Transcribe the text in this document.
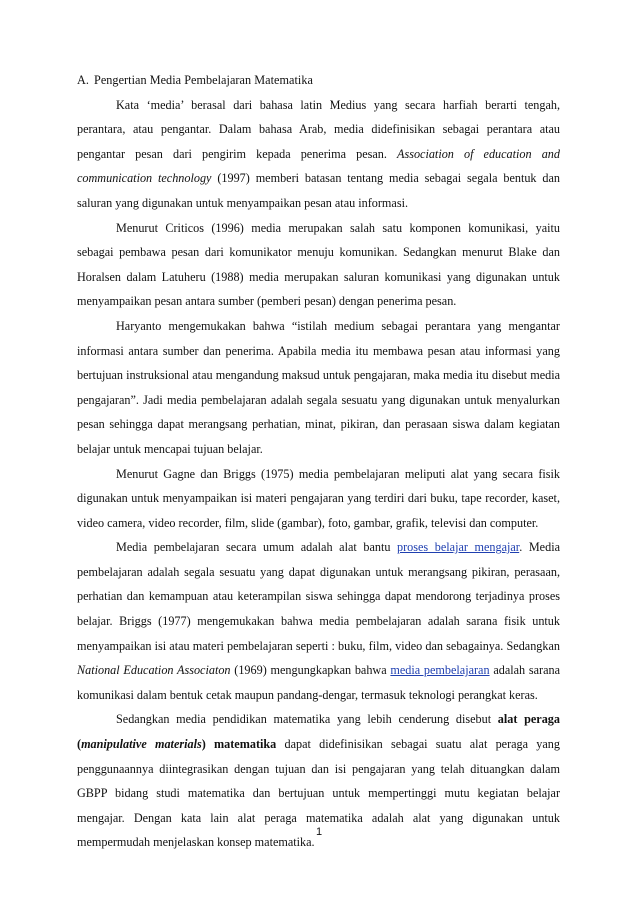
A. Pengertian Media Pembelajaran Matematika

Kata ‘media’ berasal dari bahasa latin Medius yang secara harfiah berarti tengah, perantara, atau pengantar. Dalam bahasa Arab, media didefinisikan sebagai perantara atau pengantar pesan dari pengirim kepada penerima pesan. Association of education and communication technology (1997) memberi batasan tentang media sebagai segala bentuk dan saluran yang digunakan untuk menyampaikan pesan atau informasi.

Menurut Criticos (1996) media merupakan salah satu komponen komunikasi, yaitu sebagai pembawa pesan dari komunikator menuju komunikan. Sedangkan menurut Blake dan Horalsen dalam Latuheru (1988) media merupakan saluran komunikasi yang digunakan untuk menyampaikan pesan antara sumber (pemberi pesan) dengan penerima pesan.

Haryanto mengemukakan bahwa “istilah medium sebagai perantara yang mengantar informasi antara sumber dan penerima. Apabila media itu membawa pesan atau informasi yang bertujuan instruksional atau mengandung maksud untuk pengajaran, maka media itu disebut media pengajaran”. Jadi media pembelajaran adalah segala sesuatu yang digunakan untuk menyalurkan pesan sehingga dapat merangsang perhatian, minat, pikiran, dan perasaan siswa dalam kegiatan belajar untuk mencapai tujuan belajar.

Menurut Gagne dan Briggs (1975) media pembelajaran meliputi alat yang secara fisik digunakan untuk menyampaikan isi materi pengajaran yang terdiri dari buku, tape recorder, kaset, video camera, video recorder, film, slide (gambar), foto, gambar, grafik, televisi dan computer.

Media pembelajaran secara umum adalah alat bantu proses belajar mengajar. Media pembelajaran adalah segala sesuatu yang dapat digunakan untuk merangsang pikiran, perasaan, perhatian dan kemampuan atau keterampilan siswa sehingga dapat mendorong terjadinya proses belajar. Briggs (1977) mengemukakan bahwa media pembelajaran adalah sarana fisik untuk menyampaikan isi atau materi pembelajaran seperti : buku, film, video dan sebagainya. Sedangkan National Education Associaton (1969) mengungkapkan bahwa media pembelajaran adalah sarana komunikasi dalam bentuk cetak maupun pandang-dengar, termasuk teknologi perangkat keras.

Sedangkan media pendidikan matematika yang lebih cenderung disebut alat peraga (manipulative materials) matematika dapat didefinisikan sebagai suatu alat peraga yang penggunaannya diintegrasikan dengan tujuan dan isi pengajaran yang telah dituangkan dalam GBPP bidang studi matematika dan bertujuan untuk mempertinggi mutu kegiatan belajar mengajar. Dengan kata lain alat peraga matematika adalah alat yang digunakan untuk mempermudah menjelaskan konsep matematika.

1
